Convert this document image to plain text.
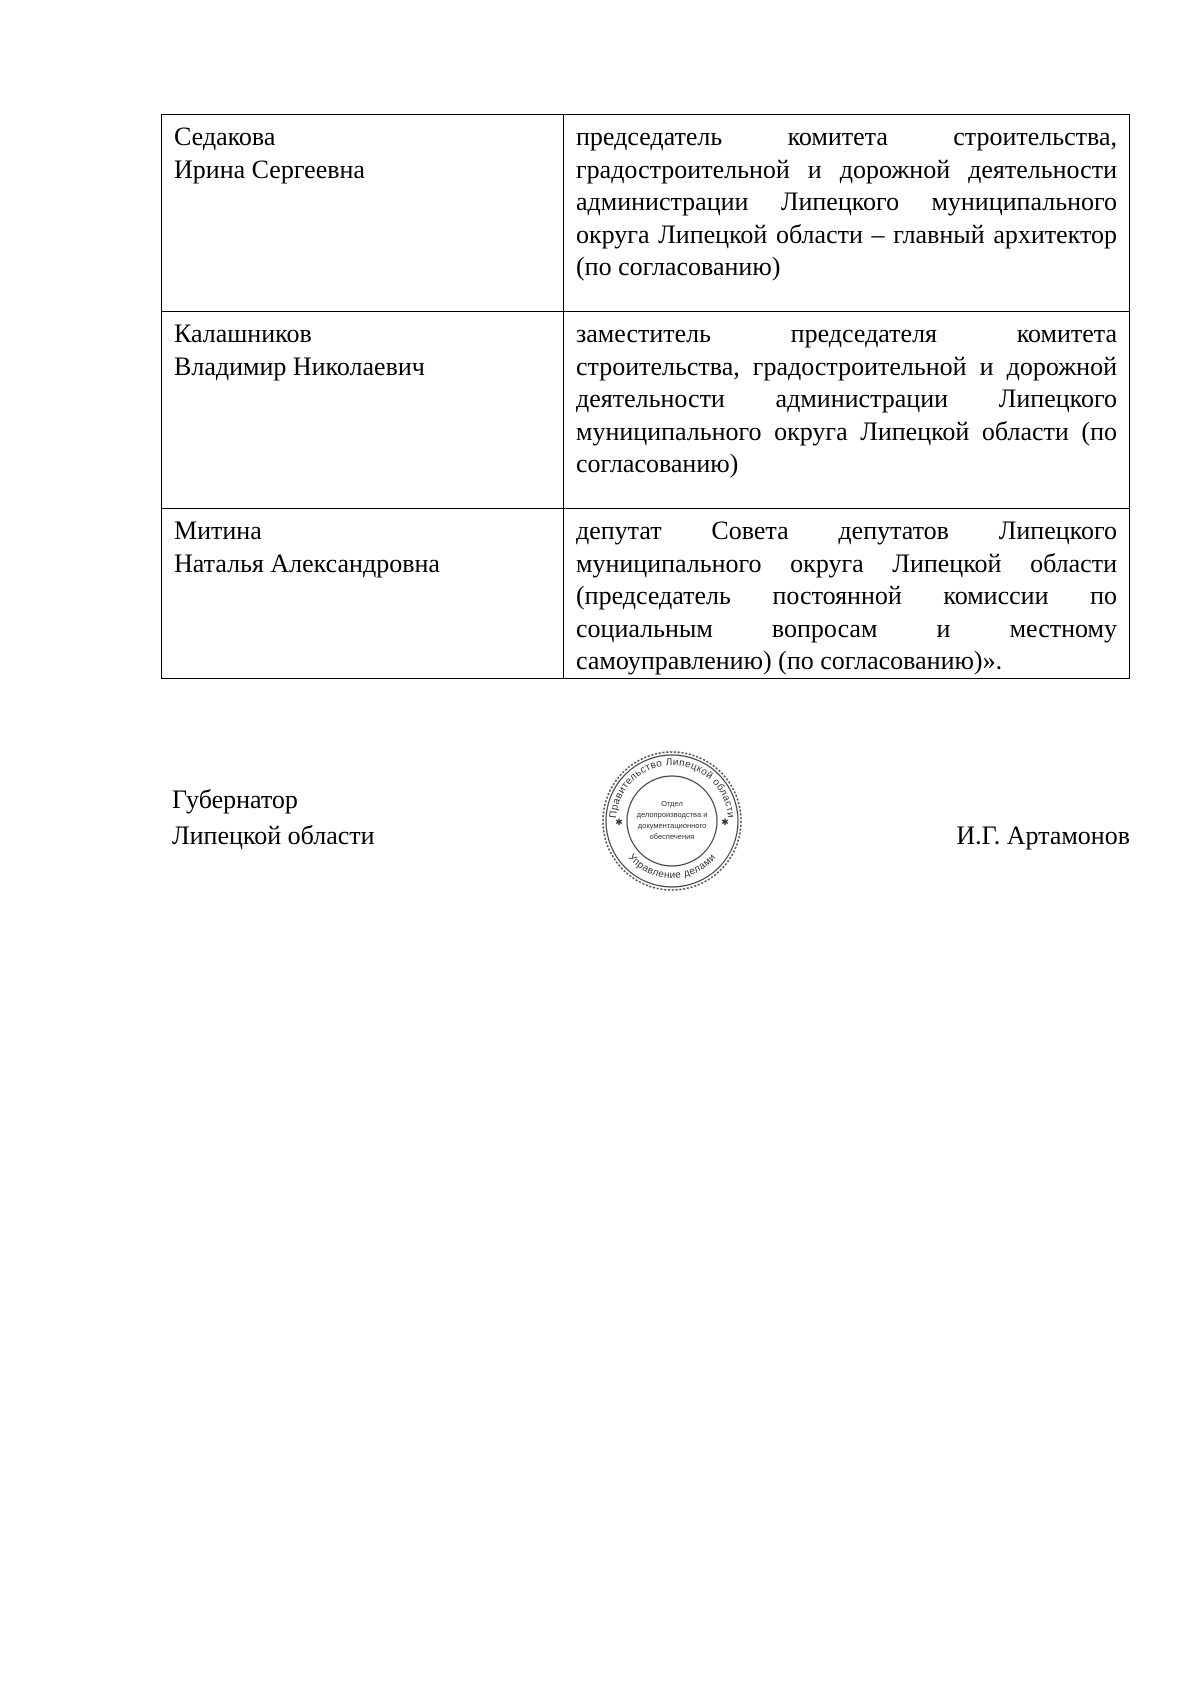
Седакова
Ирина Сергеевна	председатель комитета строительства, градостроительной и дорожной деятельности администрации Липецкого муниципального округа Липецкой области – главный архитектор (по согласованию)

Калашников
Владимир Николаевич	заместитель председателя комитета строительства, градостроительной и дорожной деятельности администрации Липецкого муниципального округа Липецкой области (по согласованию)

Митина
Наталья Александровна	депутат Совета депутатов Липецкого муниципального округа Липецкой области (председатель постоянной комиссии по социальным вопросам и местному самоуправлению) (по согласованию)».
Губернатор
Липецкой области
Правительство Липецкой области
Управление делами
✱	✱
Отдел
делопроизводства и
документационного
обеспечения	И.Г. Артамонов
